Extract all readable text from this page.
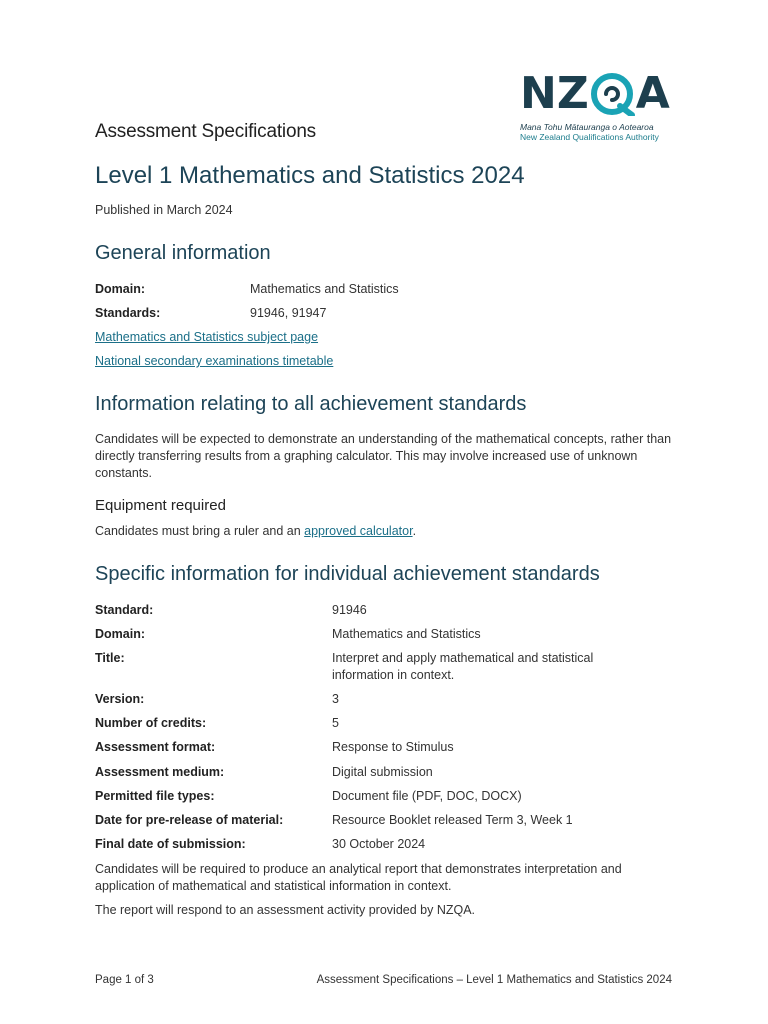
NZ A
Mana Tohu Mātauranga o Aotearoa
New Zealand Qualifications Authority
Assessment Specifications
Level 1 Mathematics and Statistics 2024
Published in March 2024
General information
Domain:	Mathematics and Statistics
Standards:	91946, 91947
Mathematics and Statistics subject page
National secondary examinations timetable
Information relating to all achievement standards

Candidates will be expected to demonstrate an understanding of the mathematical concepts, rather than directly transferring results from a graphing calculator. This may involve increased use of unknown constants.

Equipment required

Candidates must bring a ruler and an approved calculator.

Specific information for individual achievement standards
Standard:	91946
Domain:	Mathematics and Statistics
Title:	Interpret and apply mathematical and statistical information in context.
Version:	3
Number of credits:	5
Assessment format:	Response to Stimulus
Assessment medium:	Digital submission
Permitted file types:	Document file (PDF, DOC, DOCX)
Date for pre-release of material:	Resource Booklet released Term 3, Week 1
Final date of submission:	30 October 2024

Candidates will be required to produce an analytical report that demonstrates interpretation and application of mathematical and statistical information in context.

The report will respond to an assessment activity provided by NZQA.

Page 1 of 3	Assessment Specifications – Level 1 Mathematics and Statistics 2024
